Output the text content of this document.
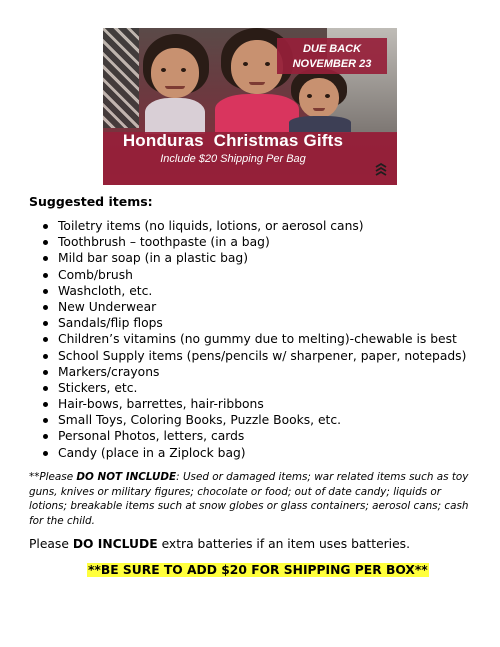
DUE BACK
NOVEMBER 23
Honduras  Christmas Gifts
Include $20 Shipping Per Bag
Suggested items:
Toiletry items (no liquids, lotions, or aerosol cans)
Toothbrush – toothpaste (in a bag)
Mild bar soap (in a plastic bag)
Comb/brush
Washcloth, etc.
New Underwear
Sandals/flip flops
Children’s vitamins (no gummy due to melting)-chewable is best
School Supply items (pens/pencils w/ sharpener, paper, notepads)
Markers/crayons
Stickers, etc.
Hair-bows, barrettes, hair-ribbons
Small Toys, Coloring Books, Puzzle Books, etc.
Personal Photos, letters, cards
Candy (place in a Ziplock bag)
**Please DO NOT INCLUDE: Used or damaged items; war related items such as toy guns, knives or military figures; chocolate or food; out of date candy; liquids or lotions; breakable items such at snow globes or glass containers; aerosol cans; cash for the child.
Please DO INCLUDE extra batteries if an item uses batteries.
**BE SURE TO ADD $20 FOR SHIPPING PER BOX**
